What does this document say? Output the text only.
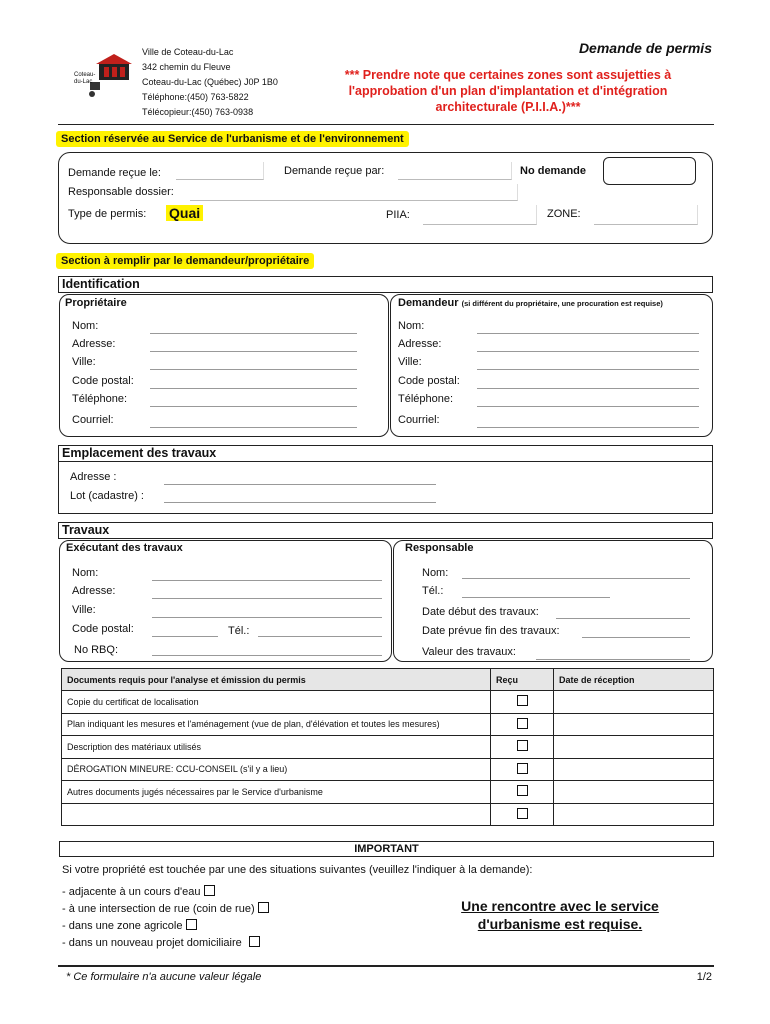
Coteau-du-Lac
Ville de Coteau-du-Lac
342 chemin du Fleuve
Coteau-du-Lac (Québec) J0P 1B0
Téléphone:(450) 763-5822
Télécopieur:(450) 763-0938
Demande de permis
*** Prendre note que certaines zones sont assujetties à
l'approbation d'un plan d'implantation et d'intégration
architecturale (P.I.I.A.)***
Section réservée au Service de l'urbanisme et de l'environnement
Demande reçue le:	Demande reçue par:	No demande
Responsable dossier:
Type de permis: Quai	PIIA:	ZONE:
Section à remplir par le demandeur/propriétaire
Identification
Propriétaire	Demandeur (si différent du propriétaire, une procuration est requise)
Nom:
Adresse:
Ville:
Code postal:
Téléphone:
Courriel:
Nom:
Adresse:
Ville:
Code postal:
Téléphone:
Courriel:
Emplacement des travaux
Adresse :
Lot (cadastre) :
Travaux
Exécutant des travaux	Responsable
Nom:
Adresse:
Ville:
Code postal:	Tél.:
No RBQ:
Nom:
Tél.:
Date début des travaux:
Date prévue fin des travaux:
Valeur des travaux:
Documents requis pour l'analyse et émission du permis	Reçu	Date de réception
Copie du certificat de localisation		
Plan indiquant les mesures et l'aménagement (vue de plan, d'élévation et toutes les mesures)		
Description des matériaux utilisés		
DÉROGATION MINEURE: CCU-CONSEIL (s'il y a lieu)		
Autres documents jugés nécessaires par le Service d'urbanisme		

IMPORTANT
Si votre propriété est touchée par une des situations suivantes (veuillez l'indiquer à la demande):
- adjacente à un cours d'eau
- à une intersection de rue (coin de rue)
- dans une zone agricole
- dans un nouveau projet domiciliaire
Une rencontre avec le service
d'urbanisme est requise.
* Ce formulaire n'a aucune valeur légale	1/2
